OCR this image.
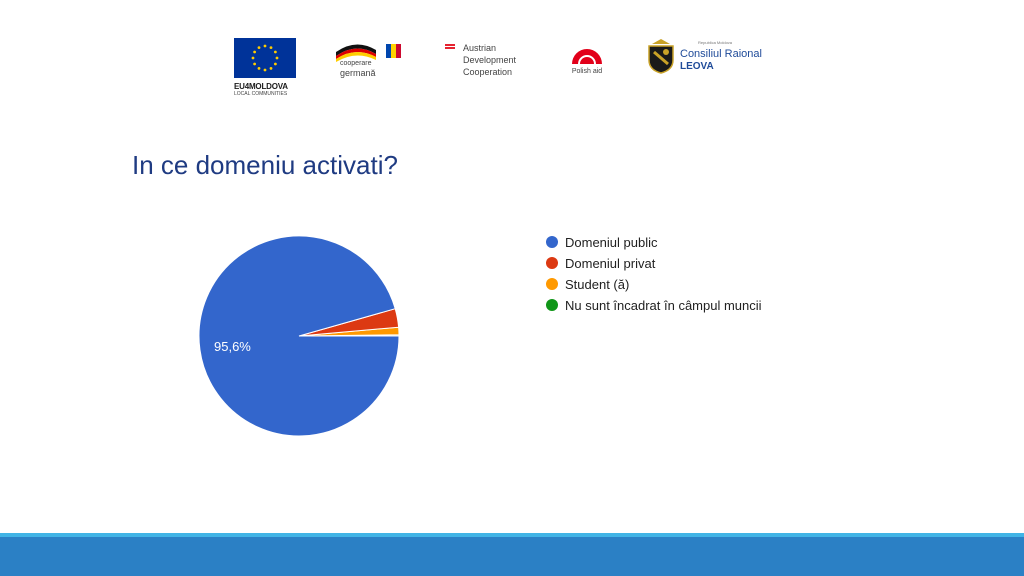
EU4MOLDOVA
LOCAL COMMUNITIES
cooperare
germană
Austrian
Development
Cooperation	Polish aid
Republica Moldova
Consiliul Raional
LEOVA
In ce domeniu activati?
95,6%
Domeniul public
Domeniul privat
Student (ă)
Nu sunt încadrat în câmpul muncii
